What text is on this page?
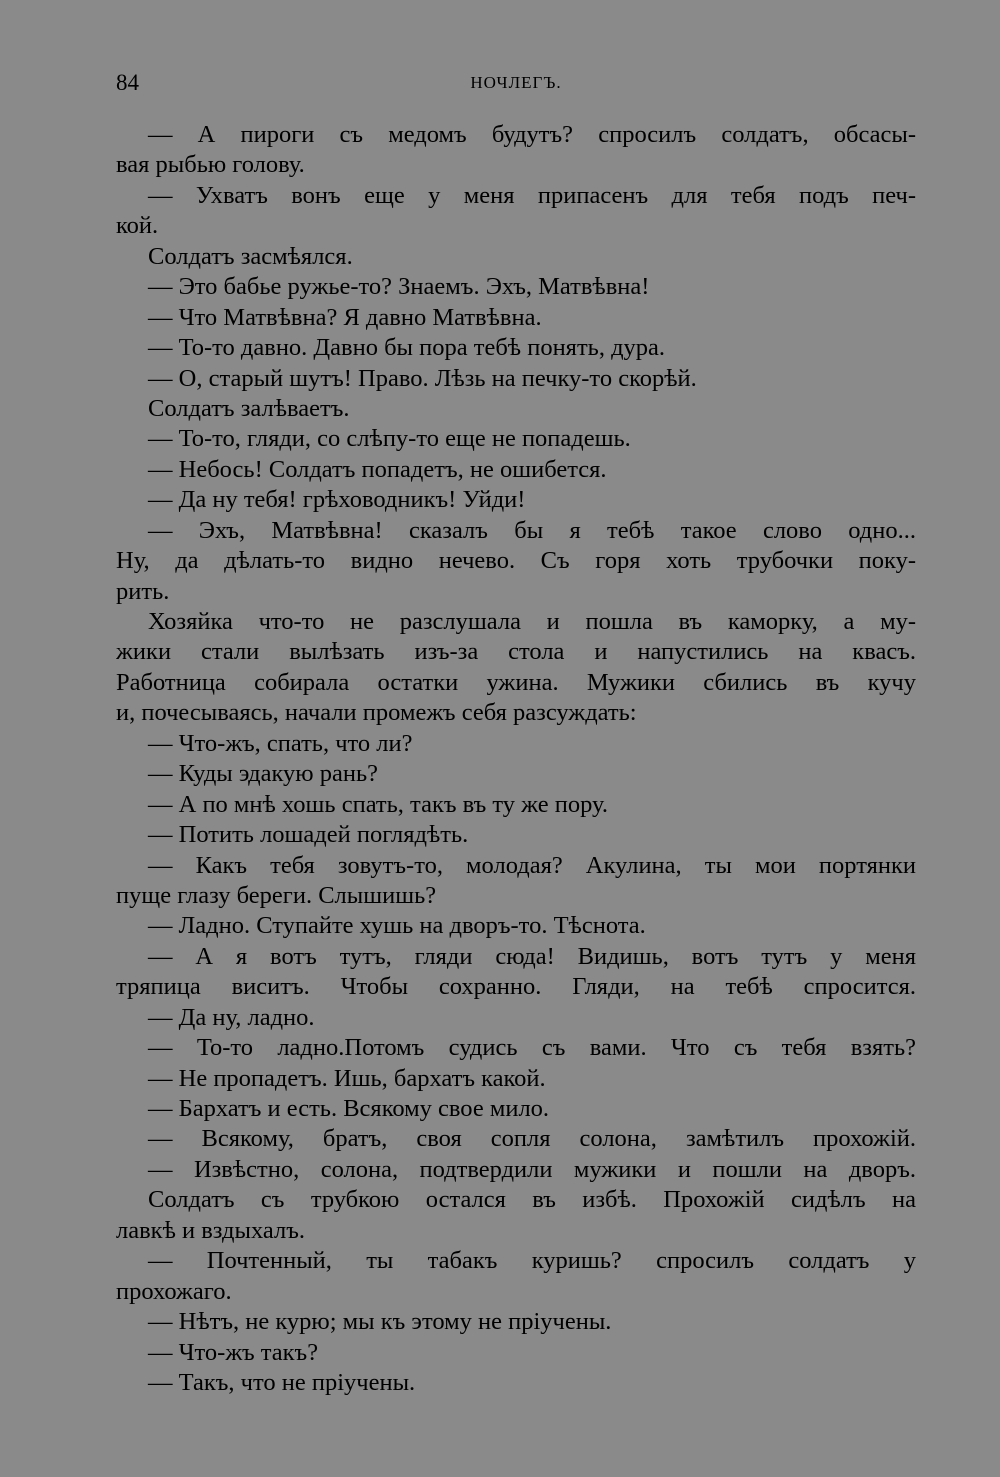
84	НОЧЛЕГЪ.
— А пироги съ медомъ будутъ? спросилъ солдатъ, обсасы-
вая рыбью голову.
— Ухватъ вонъ еще у меня припасенъ для тебя подъ печ-
кой.
Солдатъ засмѣялся.
— Это бабье ружье-то? Знаемъ. Эхъ, Матвѣвна!
— Что Матвѣвна? Я давно Матвѣвна.
— То-то давно. Давно бы пора тебѣ понять, дура.
— О, старый шутъ! Право. Лѣзь на печку-то скорѣй.
Солдатъ залѣваетъ.
— То-то, гляди, со слѣпу-то еще не попадешь.
— Небось! Солдатъ попадетъ, не ошибется.
— Да ну тебя! грѣховодникъ! Уйди!
— Эхъ, Матвѣвна! сказалъ бы я тебѣ такое слово одно...
Ну, да дѣлать-то видно нечево. Съ горя хоть трубочки поку-
рить.
Хозяйка что-то не разслушала и пошла въ каморку, а му-
жики стали вылѣзать изъ-за стола и напустились на квасъ.
Работница собирала остатки ужина. Мужики сбились въ кучу
и, почесываясь, начали промежъ себя разсуждать:
— Что-жъ, спать, что ли?
— Куды эдакую рань?
— А по мнѣ хошь спать, такъ въ ту же пору.
— Потить лошадей поглядѣть.
— Какъ тебя зовутъ-то, молодая? Акулина, ты мои портянки
пуще глазу береги. Слышишь?
— Ладно. Ступайте хушь на дворъ-то. Тѣснота.
— А я вотъ тутъ, гляди сюда! Видишь, вотъ тутъ у меня
тряпица виситъ. Чтобы сохранно. Гляди, на тебѣ спросится.
— Да ну, ладно.
— То-то ладно.Потомъ судись съ вами. Что съ тебя взять?
— Не пропадетъ. Ишь, бархатъ какой.
— Бархатъ и есть. Всякому свое мило.
— Всякому, братъ, своя сопля солона, замѣтилъ прохожій.
— Извѣстно, солона, подтвердили мужики и пошли на дворъ.
Солдатъ съ трубкою остался въ избѣ. Прохожій сидѣлъ на
лавкѣ и вздыхалъ.
— Почтенный, ты табакъ куришь? спросилъ солдатъ у
прохожаго.
— Нѣтъ, не курю; мы къ этому не пріучены.
— Что-жъ такъ?
— Такъ, что не пріучены.
